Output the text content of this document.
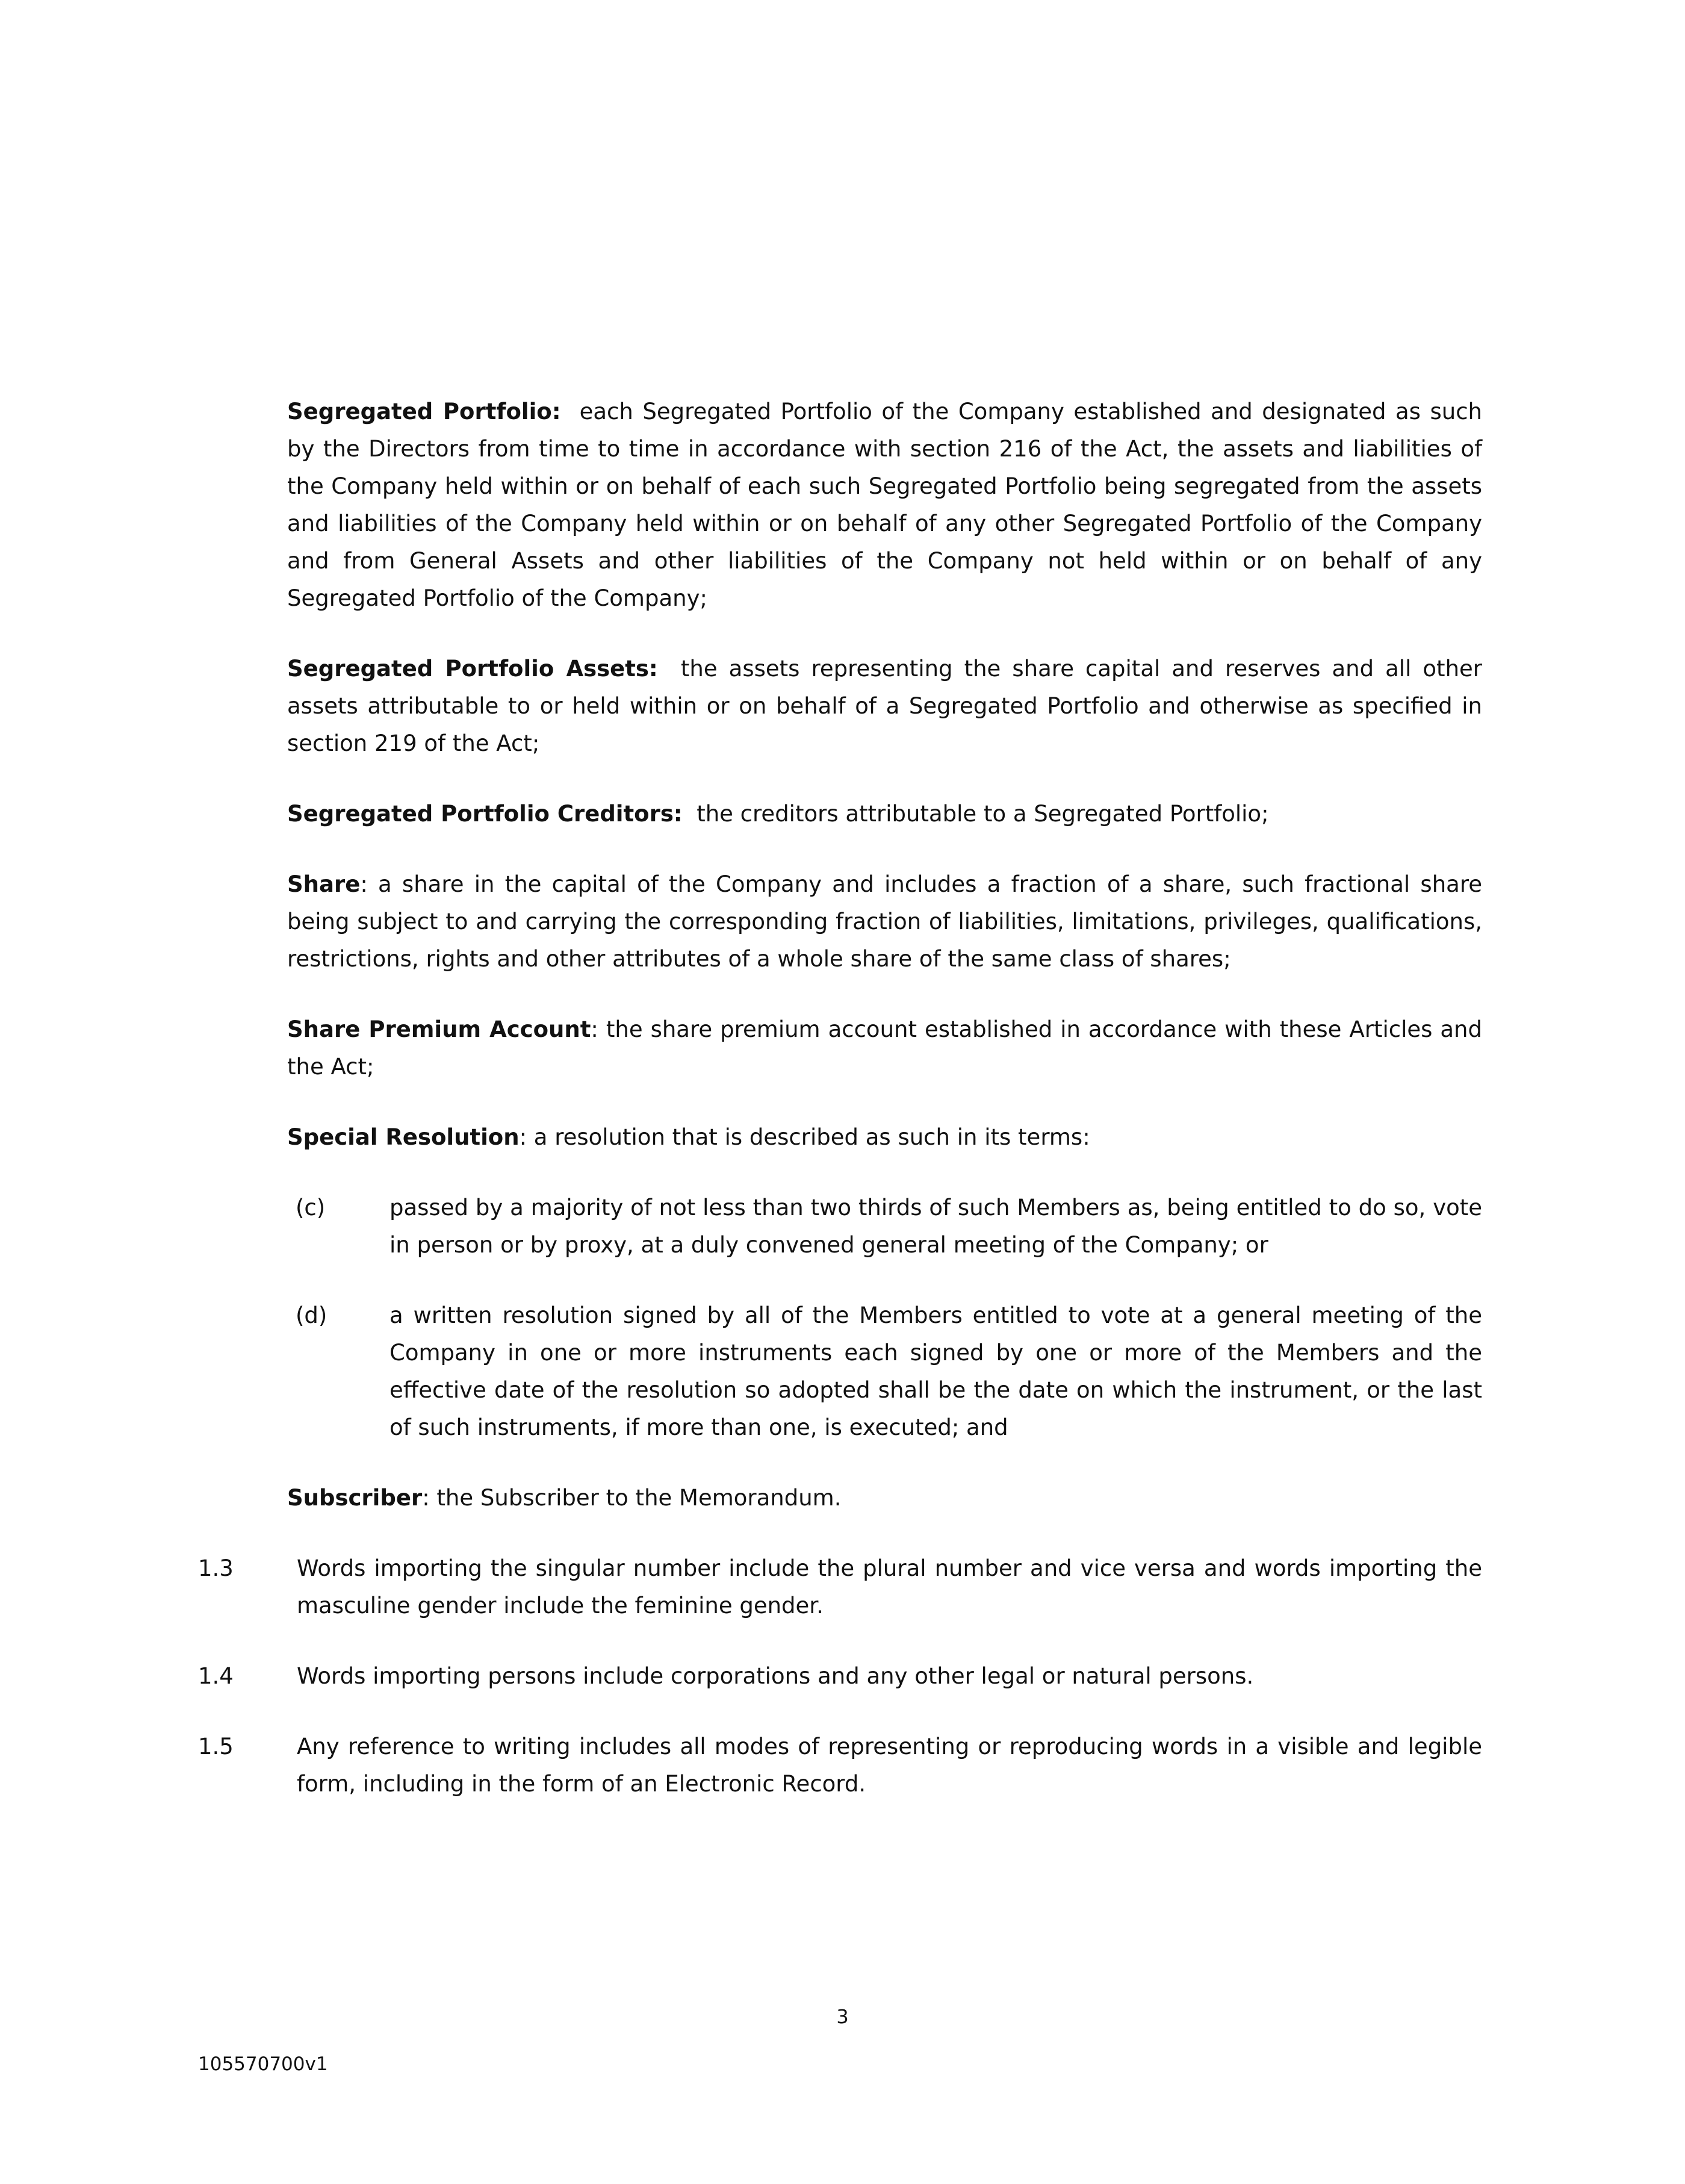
Segregated Portfolio: each Segregated Portfolio of the Company established and designated as such by the Directors from time to time in accordance with section 216 of the Act, the assets and liabilities of the Company held within or on behalf of each such Segregated Portfolio being segregated from the assets and liabilities of the Company held within or on behalf of any other Segregated Portfolio of the Company and from General Assets and other liabilities of the Company not held within or on behalf of any Segregated Portfolio of the Company;

Segregated Portfolio Assets: the assets representing the share capital and reserves and all other assets attributable to or held within or on behalf of a Segregated Portfolio and otherwise as specified in section 219 of the Act;

Segregated Portfolio Creditors: the creditors attributable to a Segregated Portfolio;

Share: a share in the capital of the Company and includes a fraction of a share, such fractional share being subject to and carrying the corresponding fraction of liabilities, limitations, privileges, qualifications, restrictions, rights and other attributes of a whole share of the same class of shares;

Share Premium Account: the share premium account established in accordance with these Articles and the Act;

Special Resolution: a resolution that is described as such in its terms:

(c)	passed by a majority of not less than two thirds of such Members as, being entitled to do so, vote in person or by proxy, at a duly convened general meeting of the Company; or
(d)	a written resolution signed by all of the Members entitled to vote at a general meeting of the Company in one or more instruments each signed by one or more of the Members and the effective date of the resolution so adopted shall be the date on which the instrument, or the last of such instruments, if more than one, is executed; and

Subscriber: the Subscriber to the Memorandum.

1.3	Words importing the singular number include the plural number and vice versa and words importing the masculine gender include the feminine gender.
1.4	Words importing persons include corporations and any other legal or natural persons.
1.5	Any reference to writing includes all modes of representing or reproducing words in a visible and legible form, including in the form of an Electronic Record.
3
105570700v1
